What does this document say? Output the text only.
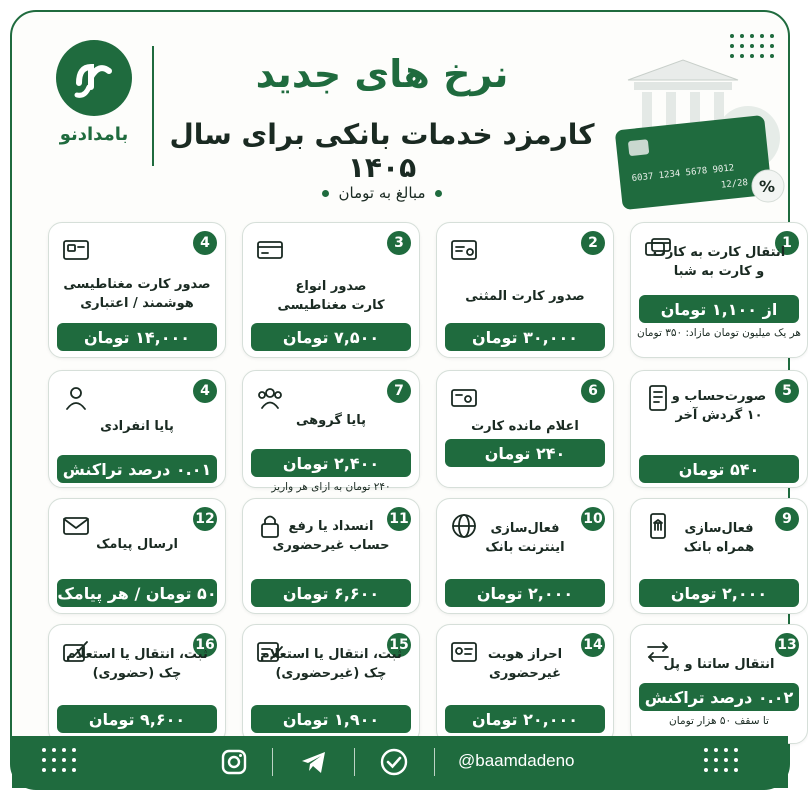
بامدادنو
نرخ های جدید
کارمزد خدمات بانکی برای سال ۱۴۰۵
مبالغ به تومان
6037 1234 5678 9012
12/28 %
1
انتقال کارت به کارت
و کارت به شبا
از ۱,۱۰۰ تومان
هر یک میلیون تومان مازاد: ۳۵۰ تومان
2
صدور کارت المثنی
۳۰,۰۰۰ تومان
3
صدور انواع
کارت مغناطیسی
۷,۵۰۰ تومان
4
صدور کارت مغناطیسی
هوشمند / اعتباری
۱۴,۰۰۰ تومان
5
صورت‌حساب و
۱۰ گردش آخر
۵۴۰ تومان
6
اعلام مانده کارت
۲۴۰ تومان
7
پایا گروهی
۲,۴۰۰ تومان
۲۴۰ تومان به ازای هر واریز
4
پایا انفرادی
۰.۰۱ درصد تراکنش
9
فعال‌سازی
همراه بانک
۲,۰۰۰ تومان
10
فعال‌سازی
اینترنت بانک
۲,۰۰۰ تومان
11
انسداد یا رفع
حساب غیرحضوری
۶,۶۰۰ تومان
12
ارسال پیامک
۵۰ تومان / هر پیامک
13
انتقال ساتنا و پل
۰.۰۲ درصد تراکنش
تا سقف ۵۰ هزار تومان
14
احراز هویت
غیرحضوری
۲۰,۰۰۰ تومان
15
ثبت، انتقال یا استعلام
چک (غیرحضوری)
۱,۹۰۰ تومان
16
ثبت، انتقال یا استعلام
چک (حضوری)
۹,۶۰۰ تومان
@baamdadeno
